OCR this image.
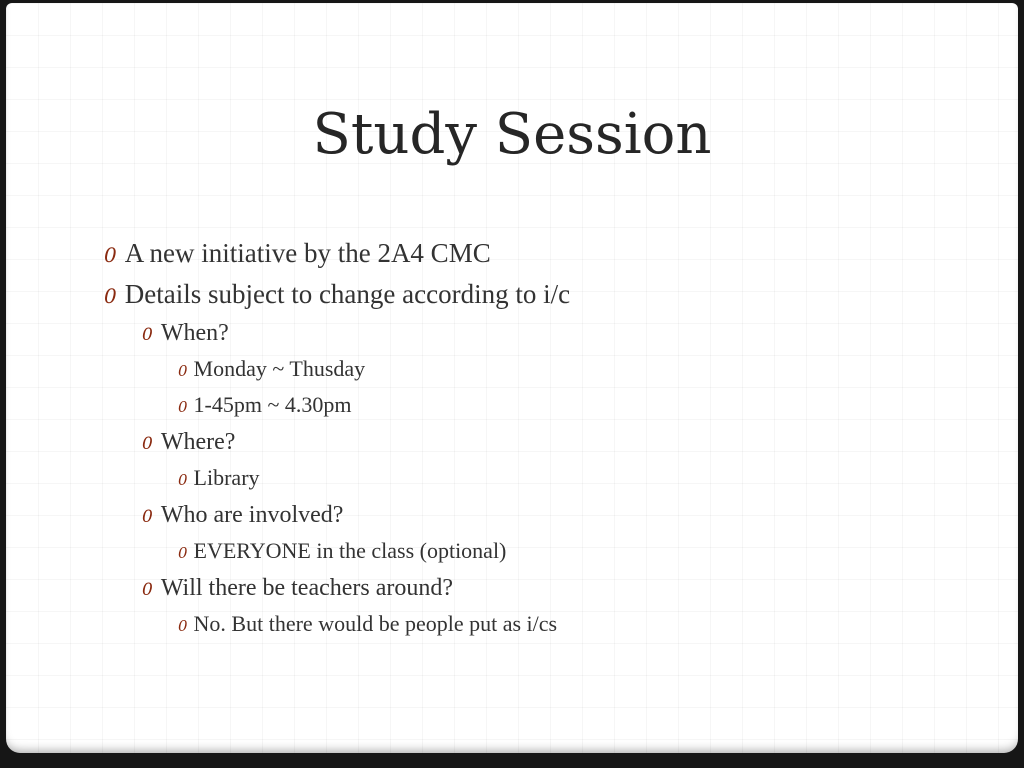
Study Session
0 A new initiative by the 2A4 CMC
0 Details subject to change according to i/c
0 When?
0 Monday ~ Thusday
0 1-45pm ~ 4.30pm
0 Where?
0 Library
0 Who are involved?
0 EVERYONE in the class (optional)
0 Will there be teachers around?
0 No. But there would be people put as i/cs
